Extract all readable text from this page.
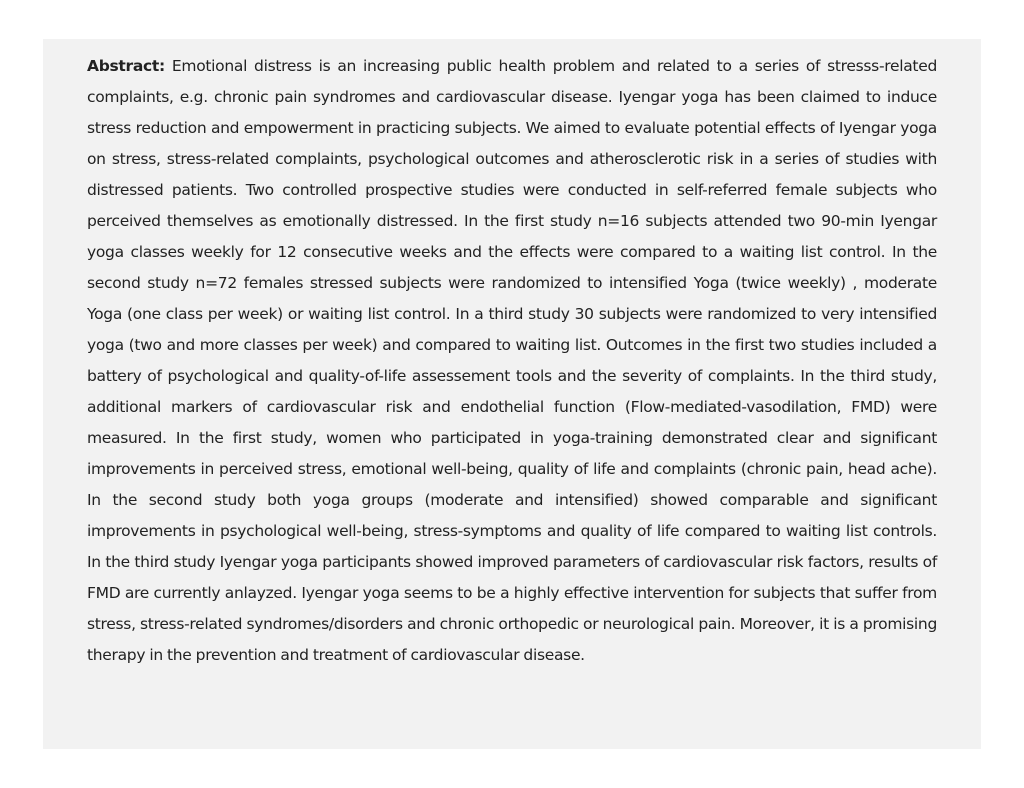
Abstract: Emotional distress is an increasing public health problem and related to a series of stresss-related complaints, e.g. chronic pain syndromes and cardiovascular disease. Iyengar yoga has been claimed to induce stress reduction and empowerment in practicing subjects. We aimed to evaluate potential effects of Iyengar yoga on stress, stress-related complaints, psychological outcomes and atherosclerotic risk in a series of studies with distressed patients. Two controlled prospective studies were conducted in self-referred female subjects who perceived themselves as emotionally distressed. In the first study n=16 subjects attended two 90-min Iyengar yoga classes weekly for 12 consecutive weeks and the effects were compared to a waiting list control. In the second study n=72 females stressed subjects were randomized to intensified Yoga (twice weekly) , moderate Yoga (one class per week) or waiting list control. In a third study 30 subjects were randomized to very intensified yoga (two and more classes per week) and compared to waiting list. Outcomes in the first two studies included a battery of psychological and quality-of-life assessement tools and the severity of complaints. In the third study, additional markers of cardiovascular risk and endothelial function (Flow-mediated-vasodilation, FMD) were measured. In the first study, women who participated in yoga-training demonstrated clear and significant improvements in perceived stress, emotional well-being, quality of life and complaints (chronic pain, head ache). In the second study both yoga groups (moderate and intensified) showed comparable and significant improvements in psychological well-being, stress-symptoms and quality of life compared to waiting list controls. In the third study Iyengar yoga participants showed improved parameters of cardiovascular risk factors, results of FMD are currently anlayzed. Iyengar yoga seems to be a highly effective intervention for subjects that suffer from stress, stress-related syndromes/disorders and chronic orthopedic or neurological pain. Moreover, it is a promising therapy in the prevention and treatment of cardiovascular disease.
